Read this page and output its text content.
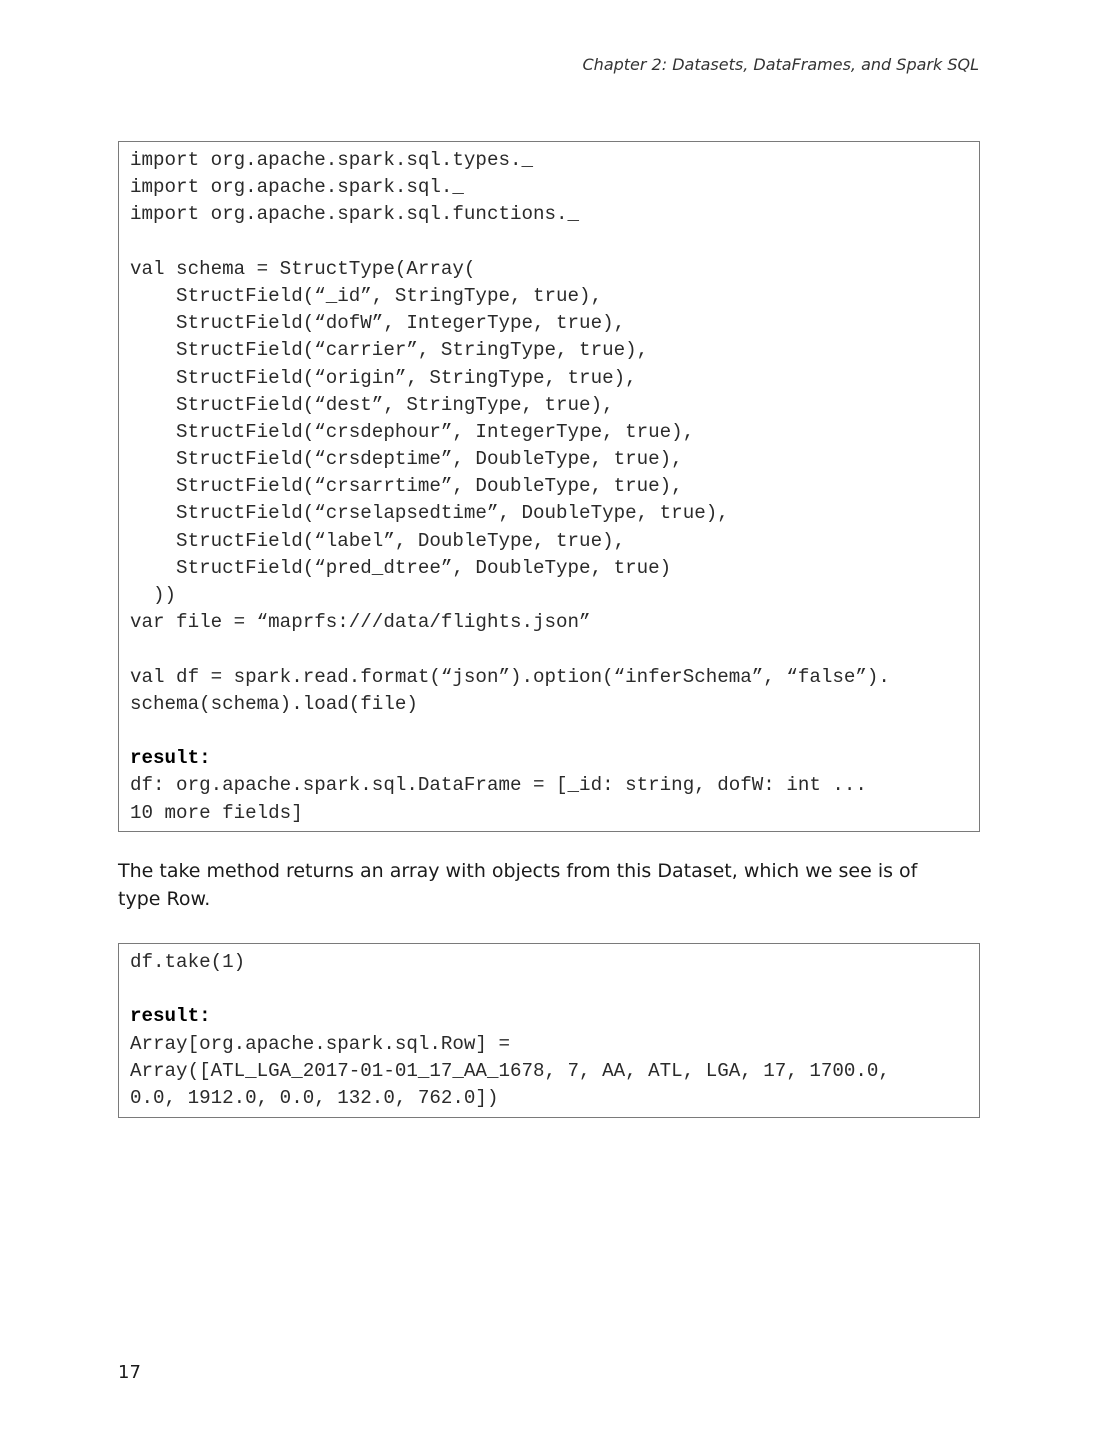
Chapter 2: Datasets, DataFrames, and Spark SQL
import org.apache.spark.sql.types._
import org.apache.spark.sql._
import org.apache.spark.sql.functions._
val schema = StructType(Array(
StructField(“_id”, StringType, true),
StructField(“dofW”, IntegerType, true),
StructField(“carrier”, StringType, true),
StructField(“origin”, StringType, true),
StructField(“dest”, StringType, true),
StructField(“crsdephour”, IntegerType, true),
StructField(“crsdeptime”, DoubleType, true),
StructField(“crsarrtime”, DoubleType, true),
StructField(“crselapsedtime”, DoubleType, true),
StructField(“label”, DoubleType, true),
StructField(“pred_dtree”, DoubleType, true)
))
var file = “maprfs:///data/flights.json”
val df = spark.read.format(“json”).option(“inferSchema”, “false”).
schema(schema).load(file)
result:
df: org.apache.spark.sql.DataFrame = [_id: string, dofW: int ...
10 more fields]

The take method returns an array with objects from this Dataset, which we see is of type Row.

df.take(1)
result:
Array[org.apache.spark.sql.Row] =
Array([ATL_LGA_2017-01-01_17_AA_1678, 7, AA, ATL, LGA, 17, 1700.0,
0.0, 1912.0, 0.0, 132.0, 762.0])
17
